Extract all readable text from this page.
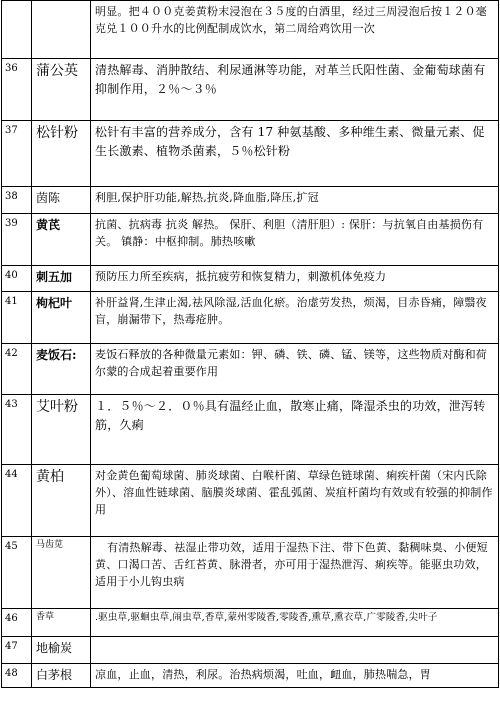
		明显。把４００克姜黄粉末浸泡在３５度的白酒里，经过三周浸泡后按１２０毫克兑１００升水的比例配制成饮水，第二周给鸡饮用一次
36	蒲公英	清热解毒、消肿散结、利尿通淋等功能，对革兰氏阳性菌、金葡萄球菌有抑制作用，２％～３％
37	松针粉	松针有丰富的营养成分，含有 17 种氨基酸、多种维生素、微量元素、促生长激素、植物杀菌素，５％松针粉
38	茵陈	利胆,保护肝功能,解热,抗炎,降血脂,降压,扩冠
39	黄芪	抗菌、抗病毒 抗炎 解热。 保肝、利胆（清肝胆）: 保肝：与抗氧自由基损伤有关。 镇静：中枢抑制。肺热咳嗽
40	刺五加	预防压力所至疾病，抵抗疲劳和恢复精力，刺激机体免疫力
41	枸杞叶	补肝益肾,生津止渴,祛风除湿,活血化瘀。治虚劳发热，烦渴，目赤昏痛，障翳夜盲，崩漏带下，热毒疮肿。
42	麦饭石:	麦饭石释放的各种微量元素如：钾、磷、铁、磷、锰、镁等，这些物质对酶和荷尔蒙的合成起着重要作用
43	艾叶粉	１．５％～２．０％具有温经止血，散寒止痛，降湿杀虫的功效，泄泻转筋，久痢
44	黄柏	对金黄色葡萄球菌、肺炎球菌、白喉杆菌、草绿色链球菌、痢疾杆菌（宋内氏除外）、溶血性链球菌、脑膜炎球菌、霍乱弧菌、炭疽杆菌均有效或有较强的抑制作用
45	马齿苋	有清热解毒、祛湿止带功效，适用于湿热下注、带下色黄、黏稠味臭、小便短黄、口渴口苦、舌红苔黄、脉滑者，亦可用于湿热泄泻、痢疾等。能驱虫功效，适用于小儿钩虫病
46	香草	.驱虫草,驱蛔虫草,闹虫草,香草,蒙州零陵香,零陵香,熏草,熏衣草,广零陵香,尖叶子
47	地榆炭	
48	白茅根	凉血，止血，清热，利尿。治热病烦渴，吐血，衄血，肺热喘急，胃
